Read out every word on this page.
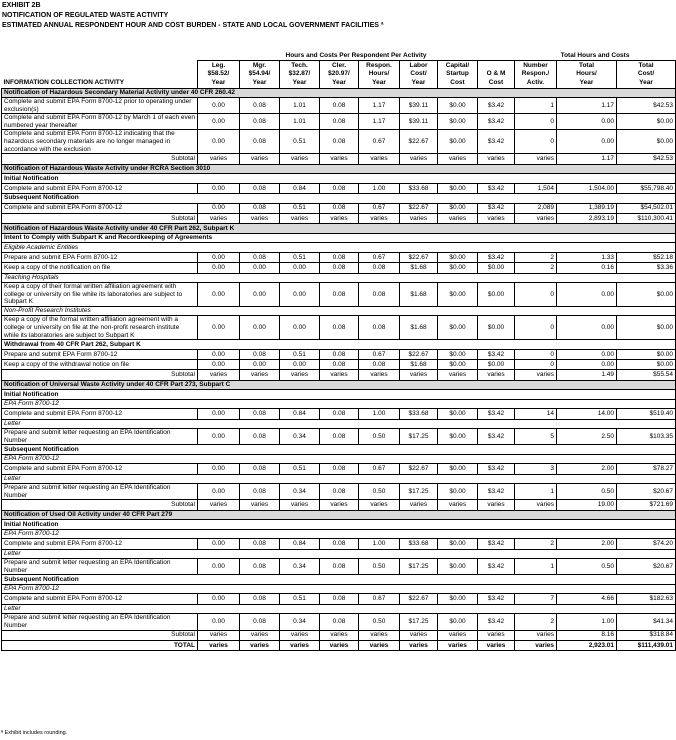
EXHIBIT 2B
NOTIFICATION OF REGULATED WASTE ACTIVITY
ESTIMATED ANNUAL RESPONDENT HOUR AND COST BURDEN - STATE AND LOCAL GOVERNMENT FACILITIES ª
	Hours and Costs Per Respondent Per Activity								Total Hours and Costs		
	Leg.	Mgr.	Tech.	Cler.	Respon.	Labor	Capital/		Number	Total	Total
	$58.52/	$54.94/	$32.87/	$20.97/	Hours/	Cost/	Startup	O & M	Respon./	Hours/	Cost/
INFORMATION COLLECTION ACTIVITY	Year	Year	Year	Year	Year	Year	Cost	Cost	Activ.	Year	Year
Notification of Hazardous Secondary Material Activity under 40 CFR 260.42											
Complete and submit EPA Form 8700-12 prior to operating under exclusion(s)	0.00	0.08	1.01	0.08	1.17	$39.11	$0.00	$3.42	1	1.17	$42.53
Complete and submit EPA Form 8700-12 by March 1 of each even numbered year thereafter	0.00	0.08	1.01	0.08	1.17	$39.11	$0.00	$3.42	0	0.00	$0.00
Complete and submit EPA Form 8700-12 indicating that the hazardous secondary materials are no longer managed in accordance with the exclusion	0.00	0.08	0.51	0.08	0.67	$22.67	$0.00	$3.42	0	0.00	$0.00
Subtotal	varies	varies	varies	varies	varies	varies	varies	varies	varies	1.17	$42.53
Notification of Hazardous Waste Activity under RCRA Section 3010											
Initial Notification											
Complete and submit EPA Form 8700-12	0.00	0.08	0.84	0.08	1.00	$33.68	$0.00	$3.42	1,504	1,504.00	$55,798.40
Subsequent Notification											
Complete and submit EPA Form 8700-12	0.00	0.08	0.51	0.08	0.67	$22.67	$0.00	$3.42	2,089	1,389.19	$54,502.01
Subtotal	varies	varies	varies	varies	varies	varies	varies	varies	varies	2,893.19	$110,300.41
Notification of Hazardous Waste Activity under 40 CFR Part 262, Subpart K											
Intent to Comply with Subpart K and Recordkeeping of Agreements											
Eligible Academic Entities											
Prepare and submit EPA Form 8700-12	0.00	0.08	0.51	0.08	0.67	$22.67	$0.00	$3.42	2	1.33	$52.18
Keep a copy of the notification on file	0.00	0.00	0.00	0.08	0.08	$1.68	$0.00	$0.00	2	0.16	$3.36
Teaching Hospitals											
Keep a copy of their formal written affiliation agreement with college or university on file while its laboratories are subject to Subpart K	0.00	0.00	0.00	0.08	0.08	$1.68	$0.00	$0.00	0	0.00	$0.00
Non-Profit Research Institutes											
Keep a copy of the formal written affiliation agreement with a college or university on file at the non-profit research institute while its laboratories are subject to Subpart K	0.00	0.00	0.00	0.08	0.08	$1.68	$0.00	$0.00	0	0.00	$0.00
Withdrawal from 40 CFR Part 262, Subpart K											
Prepare and submit EPA Form 8700-12	0.00	0.08	0.51	0.08	0.67	$22.67	$0.00	$3.42	0	0.00	$0.00
Keep a copy of the withdrawal notice on file	0.00	0.00	0.00	0.08	0.08	$1.68	$0.00	$0.00	0	0.00	$0.00
Subtotal	varies	varies	varies	varies	varies	varies	varies	varies	varies	1.49	$55.54
Notification of Universal Waste Activity under 40 CFR Part 273, Subpart C											
Initial Notification											
EPA Form 8700-12											
Complete and submit EPA Form 8700-12	0.00	0.08	0.84	0.08	1.00	$33.68	$0.00	$3.42	14	14.00	$519.40
Letter											
Prepare and submit letter requesting an EPA Identification Number	0.00	0.08	0.34	0.08	0.50	$17.25	$0.00	$3.42	5	2.50	$103.35
Subsequent Notification											
EPA Form 8700-12											
Complete and submit EPA Form 8700-12	0.00	0.08	0.51	0.08	0.67	$22.67	$0.00	$3.42	3	2.00	$78.27
Letter											
Prepare and submit letter requesting an EPA Identification Number	0.00	0.08	0.34	0.08	0.50	$17.25	$0.00	$3.42	1	0.50	$20.67
Subtotal	varies	varies	varies	varies	varies	varies	varies	varies	varies	19.00	$721.69
Notification of Used Oil Activity under 40 CFR Part 279											
Initial Notification											
EPA Form 8700-12											
Complete and submit EPA Form 8700-12	0.00	0.08	0.84	0.08	1.00	$33.68	$0.00	$3.42	2	2.00	$74.20
Letter											
Prepare and submit letter requesting an EPA Identification Number	0.00	0.08	0.34	0.08	0.50	$17.25	$0.00	$3.42	1	0.50	$20.67
Subsequent Notification											
EPA Form 8700-12											
Complete and submit EPA Form 8700-12	0.00	0.08	0.51	0.08	0.67	$22.67	$0.00	$3.42	7	4.66	$182.63
Letter											
Prepare and submit letter requesting an EPA Identification Number	0.00	0.08	0.34	0.08	0.50	$17.25	$0.00	$3.42	2	1.00	$41.34
Subtotal	varies	varies	varies	varies	varies	varies	varies	varies	varies	8.16	$318.84
TOTAL	varies	varies	varies	varies	varies	varies	varies	varies	varies	2,923.01	$111,439.01
ª Exhibit includes rounding.
